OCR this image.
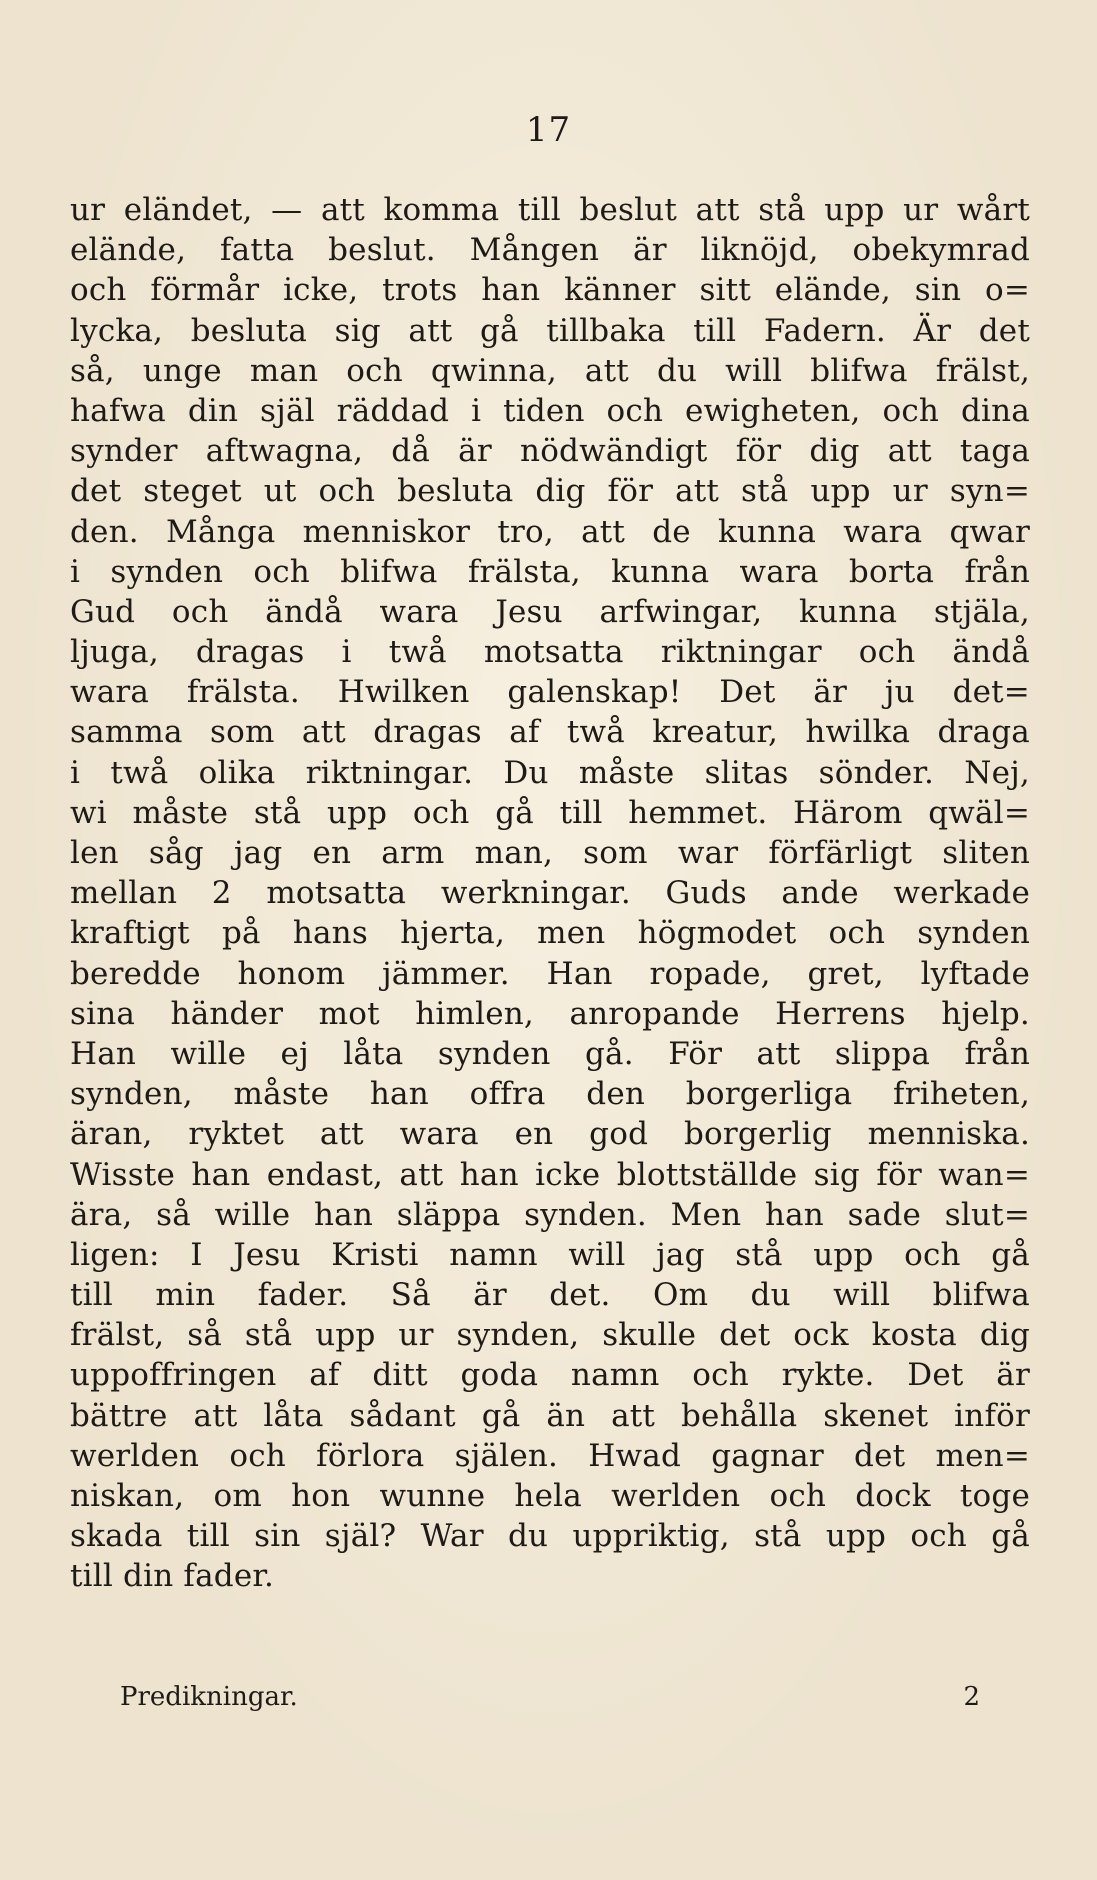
17
ur eländet, — att komma till beslut att stå upp ur wårt
elände, fatta beslut. Mången är liknöjd, obekymrad
och förmår icke, trots han känner sitt elände, sin o=
lycka, besluta sig att gå tillbaka till Fadern. Är det
så, unge man och qwinna, att du will blifwa frälst,
hafwa din själ räddad i tiden och ewigheten, och dina
synder aftwagna, då är nödwändigt för dig att taga
det steget ut och besluta dig för att stå upp ur syn=
den. Många menniskor tro, att de kunna wara qwar
i synden och blifwa frälsta, kunna wara borta från
Gud och ändå wara Jesu arfwingar, kunna stjäla,
ljuga, dragas i twå motsatta riktningar och ändå
wara frälsta. Hwilken galenskap! Det är ju det=
samma som att dragas af twå kreatur, hwilka draga
i twå olika riktningar. Du måste slitas sönder. Nej,
wi måste stå upp och gå till hemmet. Härom qwäl=
len såg jag en arm man, som war förfärligt sliten
mellan 2 motsatta werkningar. Guds ande werkade
kraftigt på hans hjerta, men högmodet och synden
beredde honom jämmer. Han ropade, gret, lyftade
sina händer mot himlen, anropande Herrens hjelp.
Han wille ej låta synden gå. För att slippa från
synden, måste han offra den borgerliga friheten,
äran, ryktet att wara en god borgerlig menniska.
Wisste han endast, att han icke blottställde sig för wan=
ära, så wille han släppa synden. Men han sade slut=
ligen: I Jesu Kristi namn will jag stå upp och gå
till min fader. Så är det. Om du will blifwa
frälst, så stå upp ur synden, skulle det ock kosta dig
uppoffringen af ditt goda namn och rykte. Det är
bättre att låta sådant gå än att behålla skenet inför
werlden och förlora själen. Hwad gagnar det men=
niskan, om hon wunne hela werlden och dock toge
skada till sin själ? War du uppriktig, stå upp och gå
till din fader.
Predikningar.	2
